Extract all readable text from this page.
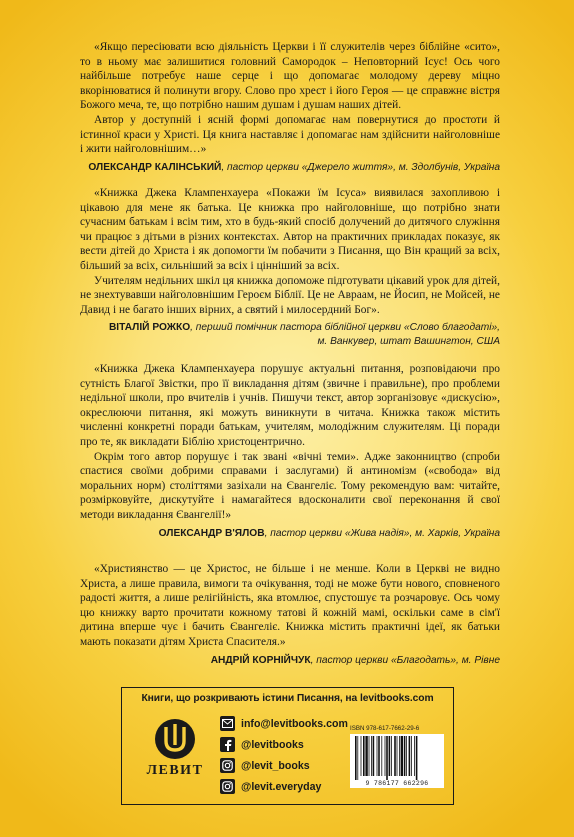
«Якщо пересіювати всю діяльність Церкви і її служителів через біблійне «сито», то в ньому має залишитися головний Самородок – Неповторний Ісус! Ось чого найбільше потребує наше серце і що допомагає молодому дереву міцно вкорінюватися й полинути вгору. Слово про хрест і його Героя — це справжнє вістря Божого меча, те, що потрібно нашим душам і душам наших дітей.

Автор у доступній і ясній формі допомагає нам повернутися до простоти й істинної краси у Христі. Ця книга наставляє і допомагає нам здійснити найголовніше і жити найголовнішим…»

ОЛЕКСАНДР КАЛІНСЬКИЙ, пастор церкви «Джерело життя», м. Здолбунів, Україна

«Книжка Джека Клампенхауера «Покажи їм Ісуса» виявилася захопливою і цікавою для мене як батька. Це книжка про найголовніше, що потрібно знати сучасним батькам і всім тим, хто в будь-який спосіб долучений до дитячого служіння чи працює з дітьми в різних контекстах. Автор на практичних прикладах показує, як вести дітей до Христа і як допомогти їм побачити з Писання, що Він кращий за всіх, більший за всіх, сильніший за всіх і цінніший за всіх.

Учителям недільних шкіл ця книжка допоможе підготувати цікавий урок для дітей, не знехтувавши найголовнішим Героєм Біблії. Це не Авраам, не Йосип, не Мойсей, не Давид і не багато інших вірних, а святий і милосердний Бог».

ВІТАЛІЙ РОЖКО, перший помічник пастора біблійної церкви «Слово благодаті»,
м. Ванкувер, штат Вашингтон, США

«Книжка Джека Клампенхауера порушує актуальні питання, розповідаючи про сутність Благої Звістки, про її викладання дітям (звичне і правильне), про проблеми недільної школи, про вчителів і учнів. Пишучи текст, автор зорганізовує «дискусію», окреслюючи питання, які можуть виникнути в читача. Книжка також містить численні конкретні поради батькам, учителям, молодіжним служителям. Ці поради про те, як викладати Біблію христоцентрично.

Окрім того автор порушує і так звані «вічні теми». Адже законництво (спроби спастися своїми добрими справами і заслугами) й антиномізм («свобода» від моральних норм) століттями зазіхали на Євангеліє. Тому рекомендую вам: читайте, розмірковуйте, дискутуйте і намагайтеся вдосконалити свої переконання й свої методи викладання Євангелії!»

ОЛЕКСАНДР В'ЯЛОВ, пастор церкви «Жива надія», м. Харків, Україна

«Християнство — це Христос, не більше і не менше. Коли в Церкві не видно Христа, а лише правила, вимоги та очікування, тоді не може бути нового, сповненого радості життя, а лише релігійність, яка втомлює, спустошує та розчаровує. Ось чому цю книжку варто прочитати кожному татові й кожній мамі, оскільки саме в сім'ї дитина вперше чує і бачить Євангеліє. Книжка містить практичні ідеї, як батьки мають показати дітям Христа Спасителя.»

АНДРІЙ КОРНІЙЧУК, пастор церкви «Благодать», м. Рівне
Книги, що розкривають істини Писання, на levitbooks.com
ЛЕВИТ
info@levitbooks.com
@levitbooks
@levit_books
@levit.everyday
ISBN 978-617-7662-29-6
9 786177 662296
